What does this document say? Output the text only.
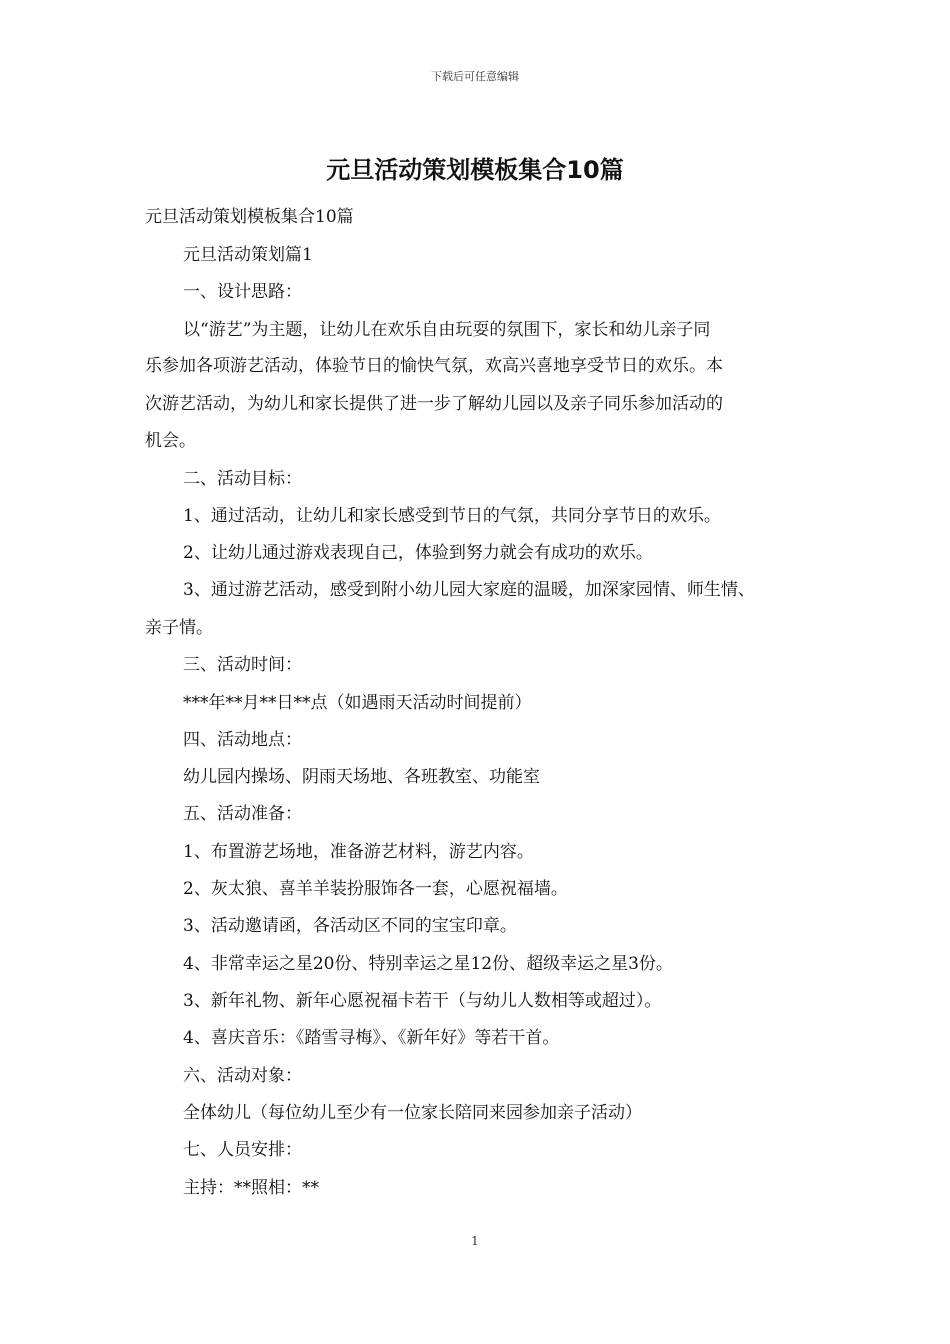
下载后可任意编辑
元旦活动策划模板集合10篇
元旦活动策划模板集合10篇
元旦活动策划篇1
一、设计思路：
以“游艺”为主题，让幼儿在欢乐自由玩耍的氛围下，家长和幼儿亲子同
乐参加各项游艺活动，体验节日的愉快气氛，欢高兴喜地享受节日的欢乐。本
次游艺活动，为幼儿和家长提供了进一步了解幼儿园以及亲子同乐参加活动的
机会。
二、活动目标：
1、通过活动，让幼儿和家长感受到节日的气氛，共同分享节日的欢乐。
2、让幼儿通过游戏表现自己，体验到努力就会有成功的欢乐。
3、通过游艺活动，感受到附小幼儿园大家庭的温暖，加深家园情、师生情、
亲子情。
三、活动时间：
***年**月**日**点（如遇雨天活动时间提前）
四、活动地点：
幼儿园内操场、阴雨天场地、各班教室、功能室
五、活动准备：
1、布置游艺场地，准备游艺材料，游艺内容。
2、灰太狼、喜羊羊装扮服饰各一套，心愿祝福墙。
3、活动邀请函，各活动区不同的宝宝印章。
4、非常幸运之星20份、特别幸运之星12份、超级幸运之星3份。
3、新年礼物、新年心愿祝福卡若干（与幼儿人数相等或超过）。
4、喜庆音乐：《踏雪寻梅》、《新年好》等若干首。
六、活动对象：
全体幼儿（每位幼儿至少有一位家长陪同来园参加亲子活动）
七、人员安排：
主持：**照相：**
1
